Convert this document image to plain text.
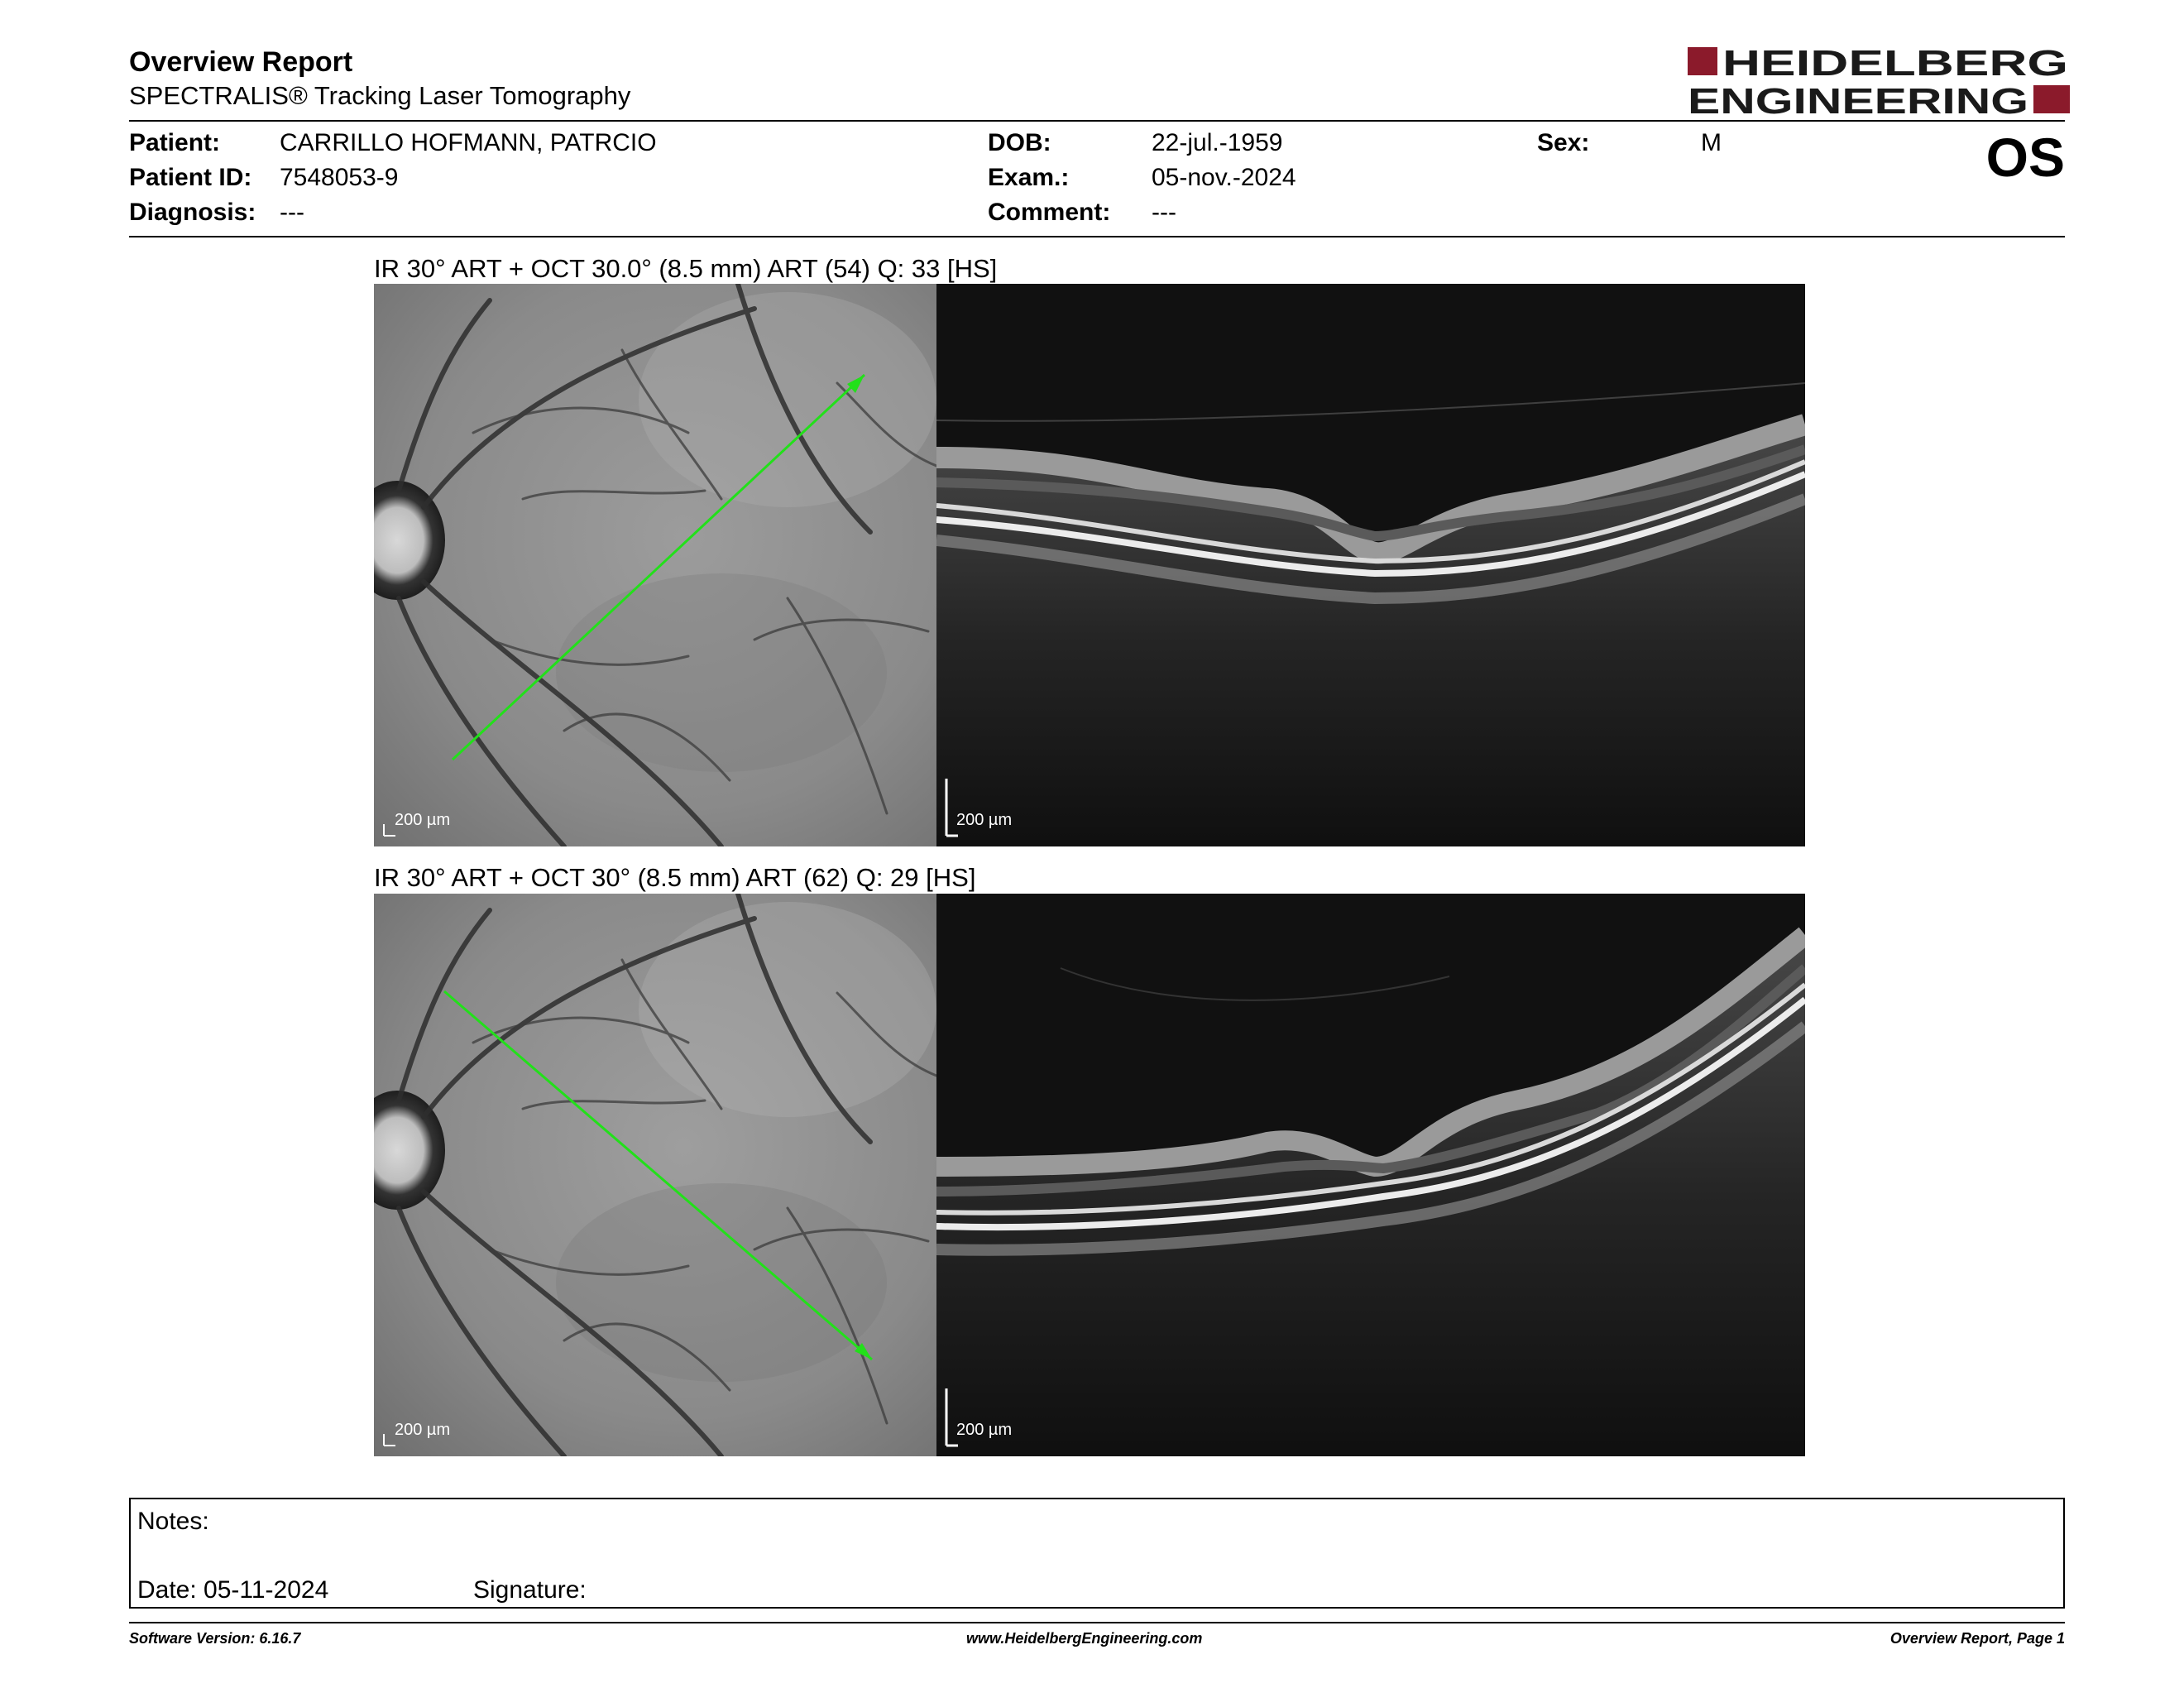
Overview Report
SPECTRALIS® Tracking Laser Tomography
HEIDELBERG
ENGINEERING
Patient: CARRILLO HOFMANN, PATRCIO
Patient ID: 7548053-9
Diagnosis: ---
DOB:	22-jul.-1959
Exam.:	05-nov.-2024
Comment: ---
Sex:	M	OS
IR 30° ART + OCT 30.0° (8.5 mm) ART (54) Q: 33 [HS]
200 µm	200 µm
IR 30° ART + OCT 30° (8.5 mm) ART (62) Q: 29 [HS]
200 µm	200 µm
Notes:
Date: 05-11-2024	Signature:
Software Version: 6.16.7	www.HeidelbergEngineering.com	Overview Report, Page 1
